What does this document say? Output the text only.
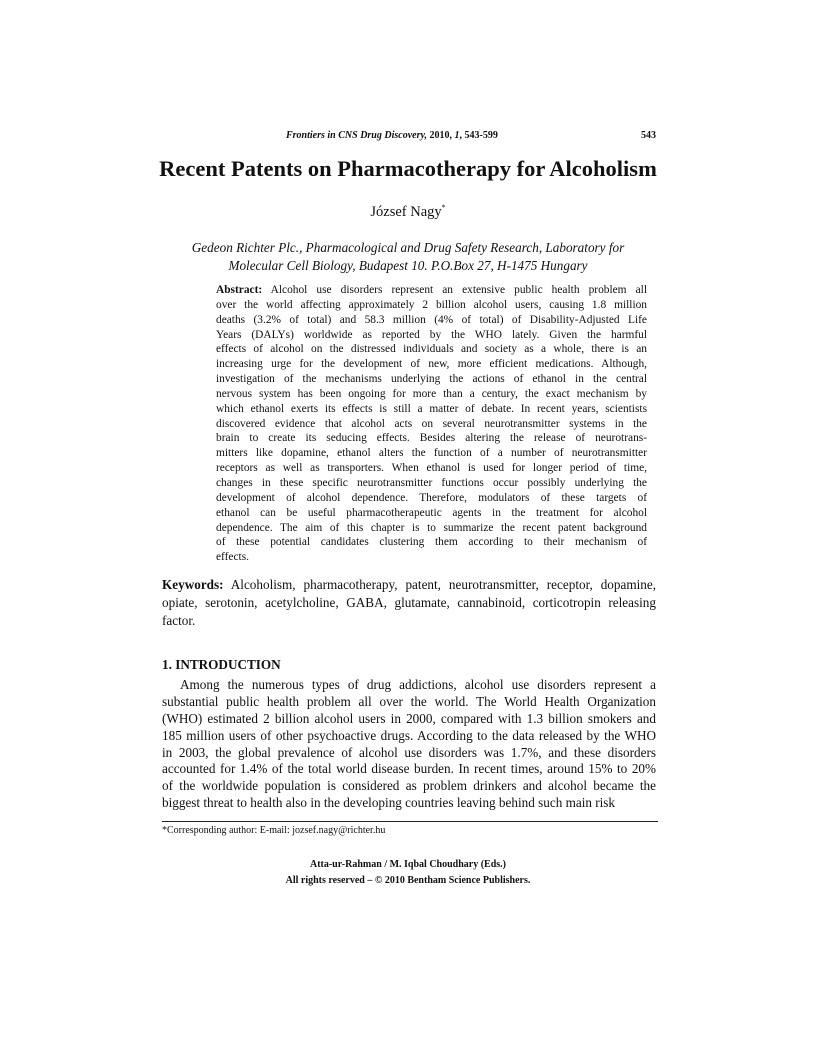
Frontiers in CNS Drug Discovery, 2010, 1, 543-599	543
Recent Patents on Pharmacotherapy for Alcoholism
József Nagy*
Gedeon Richter Plc., Pharmacological and Drug Safety Research, Laboratory for
Molecular Cell Biology, Budapest 10. P.O.Box 27, H-1475 Hungary
Abstract: Alcohol use disorders represent an extensive public health problem all
over the world affecting approximately 2 billion alcohol users, causing 1.8 million
deaths (3.2% of total) and 58.3 million (4% of total) of Disability-Adjusted Life
Years (DALYs) worldwide as reported by the WHO lately. Given the harmful
effects of alcohol on the distressed individuals and society as a whole, there is an
increasing urge for the development of new, more efficient medications. Although,
investigation of the mechanisms underlying the actions of ethanol in the central
nervous system has been ongoing for more than a century, the exact mechanism by
which ethanol exerts its effects is still a matter of debate. In recent years, scientists
discovered evidence that alcohol acts on several neurotransmitter systems in the
brain to create its seducing effects. Besides altering the release of neurotrans-
mitters like dopamine, ethanol alters the function of a number of neurotransmitter
receptors as well as transporters. When ethanol is used for longer period of time,
changes in these specific neurotransmitter functions occur possibly underlying the
development of alcohol dependence. Therefore, modulators of these targets of
ethanol can be useful pharmacotherapeutic agents in the treatment for alcohol
dependence. The aim of this chapter is to summarize the recent patent background
of these potential candidates clustering them according to their mechanism of
effects.
Keywords: Alcoholism, pharmacotherapy, patent, neurotransmitter, receptor, dopamine,
opiate, serotonin, acetylcholine, GABA, glutamate, cannabinoid, corticotropin releasing
factor.
1. INTRODUCTION
Among the numerous types of drug addictions, alcohol use disorders represent a
substantial public health problem all over the world. The World Health Organization
(WHO) estimated 2 billion alcohol users in 2000, compared with 1.3 billion smokers and
185 million users of other psychoactive drugs. According to the data released by the WHO
in 2003, the global prevalence of alcohol use disorders was 1.7%, and these disorders
accounted for 1.4% of the total world disease burden. In recent times, around 15% to 20%
of the worldwide population is considered as problem drinkers and alcohol became the
biggest threat to health also in the developing countries leaving behind such main risk
*Corresponding author: E-mail: jozsef.nagy@richter.hu
Atta-ur-Rahman / M. Iqbal Choudhary (Eds.)
All rights reserved – © 2010 Bentham Science Publishers.
